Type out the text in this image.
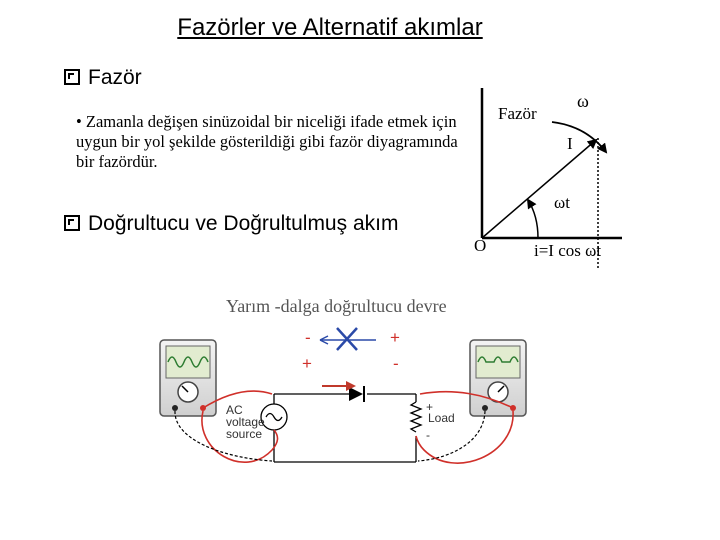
Fazörler ve Alternatif akımlar
Fazör
• Zamanla değişen sinüzoidal bir niceliği ifade etmek için uygun bir yol şekilde gösterildiği gibi fazör diyagramında bir fazördür.
Doğrultucu ve Doğrultulmuş akım
Fazör
ω
I
ωt
O	i=I cos ωt
Yarım -dalga doğrultucu devre
-
+
+
-
AC
voltage
source
+
Load
-
